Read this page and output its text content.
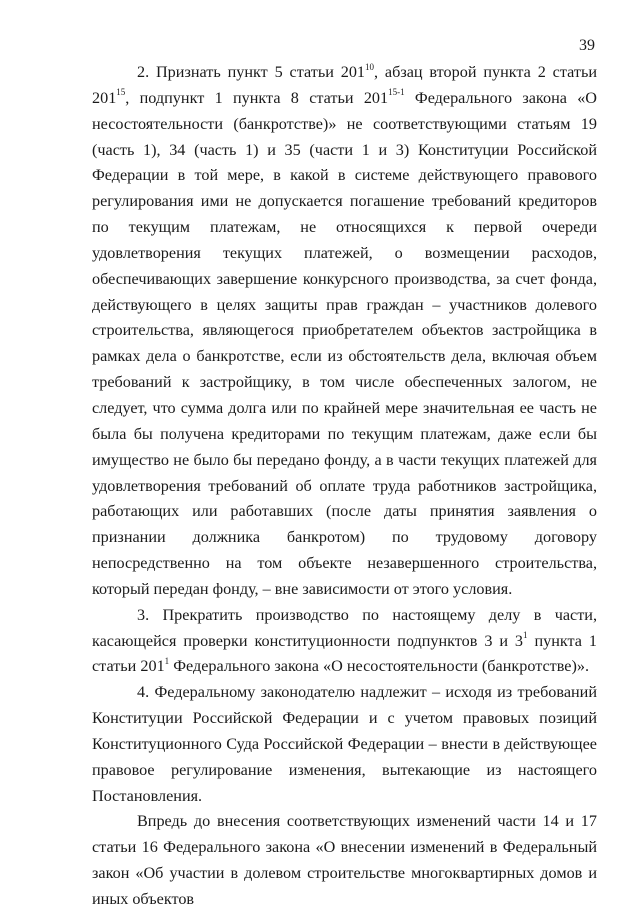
39

2. Признать пункт 5 статьи $201^{10}$, абзац второй пункта 2 статьи $201^{15}$, подпункт 1 пункта 8 статьи 201$^{15-1}$ Федерального закона «О несостоятельности (банкротстве)» не соответствующими статьям 19 (часть 1), 34 (часть 1) и 35 (части 1 и 3) Конституции Российской Федерации в той мере, в какой в системе действующего правового регулирования ими не допускается погашение требований кредиторов по текущим платежам, не относящихся к первой очереди удовлетворения текущих платежей, о возмещении расходов, обеспечивающих завершение конкурсного производства, за счет фонда, действующего в целях защиты прав граждан – участников долевого строительства, являющегося приобретателем объектов застройщика в рамках дела о банкротстве, если из обстоятельств дела, включая объем требований к застройщику, в том числе обеспеченных залогом, не следует, что сумма долга или по крайней мере значительная ее часть не была бы получена кредиторами по текущим платежам, даже если бы имущество не было бы передано фонду, а в части текущих платежей для удовлетворения требований об оплате труда работников застройщика, работающих или работавших (после даты принятия заявления о признании должника банкротом) по трудовому договору непосредственно на том объекте незавершенного строительства, который передан фонду, – вне зависимости от этого условия.

3. Прекратить производство по настоящему делу в части, касающейся проверки конституционности подпунктов 3 и $3^1$ пункта 1 статьи $201^1$ Федерального закона «О несостоятельности (банкротстве)».

4. Федеральному законодателю надлежит – исходя из требований Конституции Российской Федерации и с учетом правовых позиций Конституционного Суда Российской Федерации – внести в действующее правовое регулирование изменения, вытекающие из настоящего Постановления.

Впредь до внесения соответствующих изменений части 14 и 17 статьи 16 Федерального закона «О внесении изменений в Федеральный закон «Об участии в долевом строительстве многоквартирных домов и иных объектов
